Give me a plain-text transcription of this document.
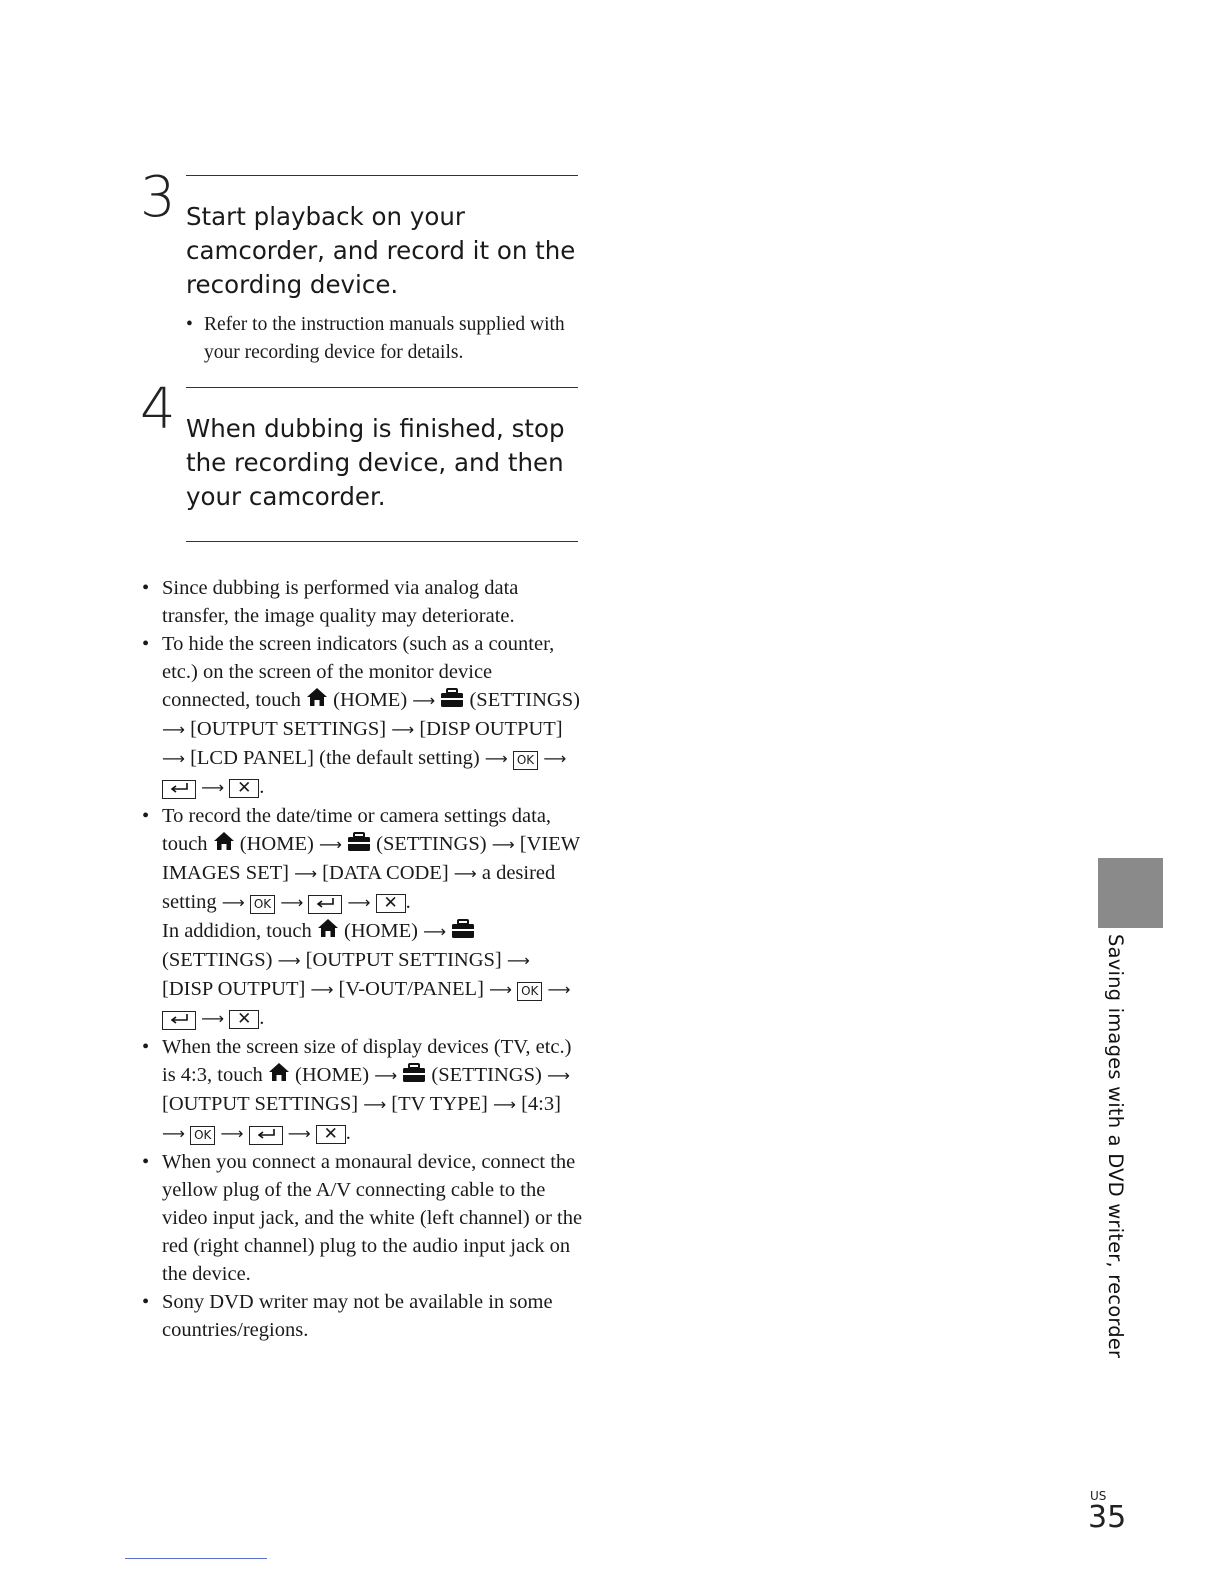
3 Start playback on your camcorder, and record it on the recording device.
• Refer to the instruction manuals supplied with your recording device for details.
4 When dubbing is finished, stop the recording device, and then your camcorder.
• Since dubbing is performed via analog data transfer, the image quality may deteriorate.
• To hide the screen indicators (such as a counter, etc.) on the screen of the monitor device connected, touch (HOME) ⟶ (SETTINGS) ⟶ [OUTPUT SETTINGS] ⟶ [DISP OUTPUT] ⟶ [LCD PANEL] (the default setting) ⟶ OK ⟶  ⟶ ✕ .
• To record the date/time or camera settings data, touch (HOME) ⟶ (SETTINGS) ⟶ [VIEW IMAGES SET] ⟶ [DATA CODE] ⟶ a desired setting ⟶ OK ⟶	⟶ ✕ .
In addidion, touch (HOME) ⟶  (SETTINGS) ⟶ [OUTPUT SETTINGS] ⟶ [DISP OUTPUT] ⟶ [V-OUT/PANEL] ⟶ OK ⟶  ⟶ ✕ .
• When the screen size of display devices (TV, etc.) is 4:3, touch (HOME) ⟶ (SETTINGS) ⟶ [OUTPUT SETTINGS] ⟶ [TV TYPE] ⟶ [4:3] ⟶ OK ⟶	⟶ ✕ .
• When you connect a monaural device, connect the yellow plug of the A/V connecting cable to the video input jack, and the white (left channel) or the red (right channel) plug to the audio input jack on the device.
• Sony DVD writer may not be available in some countries/regions.	Saving images with a DVD writer, recorder
US
35
